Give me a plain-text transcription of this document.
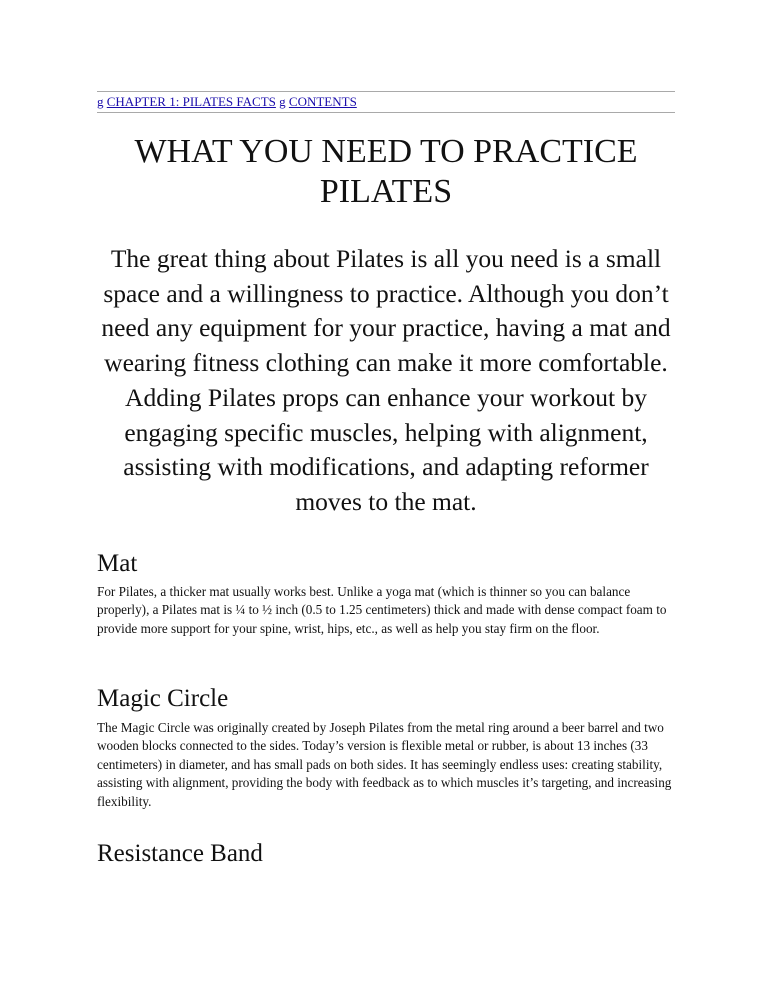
g CHAPTER 1: PILATES FACTS g CONTENTS
WHAT YOU NEED TO PRACTICE
PILATES

The great thing about Pilates is all you need is a small space and a willingness to practice. Although you don’t need any equipment for your practice, having a mat and wearing fitness clothing can make it more comfortable. Adding Pilates props can enhance your workout by engaging specific muscles, helping with alignment, assisting with modifications, and adapting reformer moves to the mat.

Mat

For Pilates, a thicker mat usually works best. Unlike a yoga mat (which is thinner so you can balance properly), a Pilates mat is ¼ to ½ inch (0.5 to 1.25 centimeters) thick and made with dense compact foam to provide more support for your spine, wrist, hips, etc., as well as help you stay firm on the floor.

Magic Circle

The Magic Circle was originally created by Joseph Pilates from the metal ring around a beer barrel and two wooden blocks connected to the sides. Today’s version is flexible metal or rubber, is about 13 inches (33 centimeters) in diameter, and has small pads on both sides. It has seemingly endless uses: creating stability, assisting with alignment, providing the body with feedback as to which muscles it’s targeting, and increasing flexibility.

Resistance Band
